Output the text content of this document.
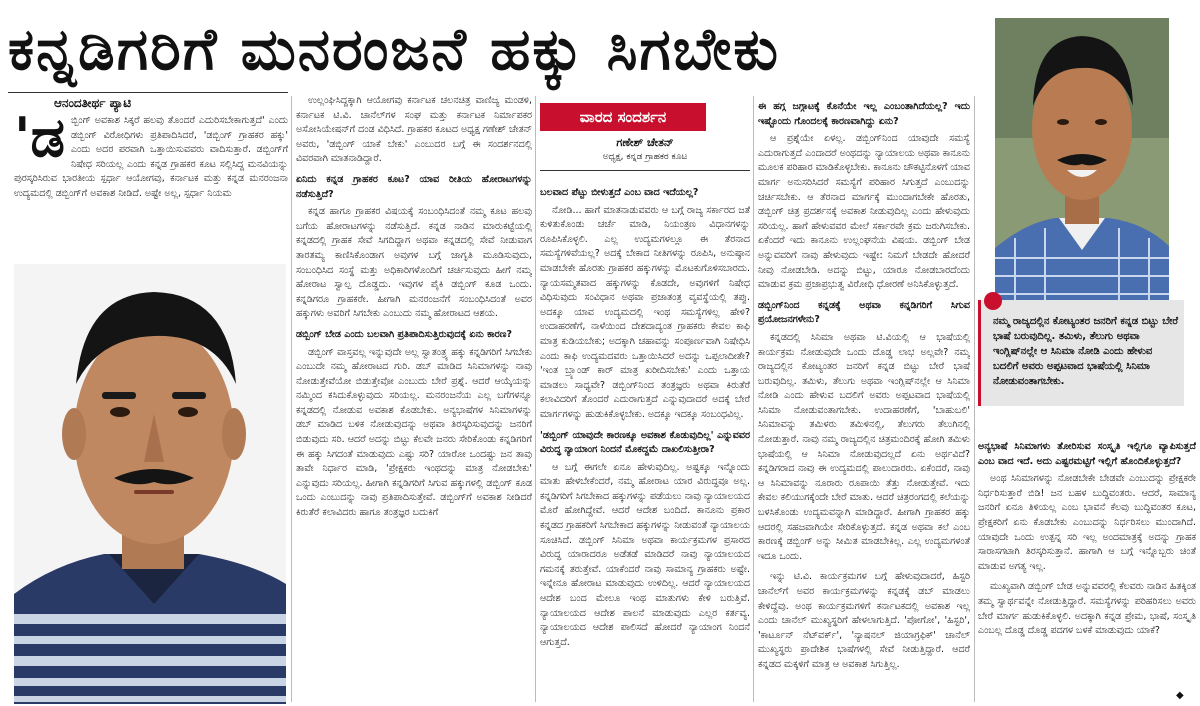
ಕನ್ನಡಿಗರಿಗೆ ಮನರಂಜನೆ ಹಕ್ಕು ಸಿಗಬೇಕು
ಆನಂದತೀರ್ಥ ಪ್ಯಾಟಿ
'ಡ ಬ್ಬಿಂಗ್ ಅವಕಾಶ ಸಿಕ್ಕರೆ ಹಲವು ತೊಂದರೆ ಎದುರಿಸಬೇಕಾಗುತ್ತದೆ' ಎಂದು ಡಬ್ಬಿಂಗ್ ವಿರೋಧಿಗಳು ಪ್ರತಿಪಾದಿಸಿದರೆ, 'ಡಬ್ಬಿಂಗ್ ಗ್ರಾಹಕರ ಹಕ್ಕು' ಎಂದು ಅದರ ಪರವಾಗಿ ಒತ್ತಾಯಿಸುವವರು ವಾದಿಸುತ್ತಾರೆ. ಡಬ್ಬಿಂಗ್‌ಗೆ ನಿಷೇಧ ಸರಿಯಲ್ಲ ಎಂದು ಕನ್ನಡ ಗ್ರಾಹಕರ ಕೂಟ ಸಲ್ಲಿಸಿದ್ದ ಮನವಿಯನ್ನು ಪುರಸ್ಕರಿಸಿರುವ ಭಾರತೀಯ ಸ್ಪರ್ಧಾ ಆಯೋಗವು, ಕರ್ನಾಟಕ ಮತ್ತು ಕನ್ನಡ ಮನರಂಜನಾ ಉದ್ಯಮದಲ್ಲಿ ಡಬ್ಬಿಂಗ್‌ಗೆ ಅವಕಾಶ ನೀಡಿದೆ. ಅಷ್ಟೇ ಅಲ್ಲ, ಸ್ಪರ್ಧಾ ನಿಯಮ

ಉಲ್ಲಂಘಿಸಿದ್ದಕ್ಕಾಗಿ ಆಯೋಗವು ಕರ್ನಾಟಕ ಚಲನಚಿತ್ರ ವಾಣಿಜ್ಯ ಮಂಡಳಿ, ಕರ್ನಾಟಕ ಟಿ.ವಿ. ಚಾನೆಲ್‌ಗಳ ಸಂಘ ಮತ್ತು ಕರ್ನಾಟಕ ನಿರ್ಮಾಪಕರ ಅಸೋಸಿಯೇಷನ್‌ಗೆ ದಂಡ ವಿಧಿಸಿದೆ. ಗ್ರಾಹಕರ ಕೂಟದ ಅಧ್ಯಕ್ಷ ಗಣೇಶ್ ಚೇತನ್ ಅವರು, 'ಡಬ್ಬಿಂಗ್ ಯಾಕೆ ಬೇಕು' ಎಂಬುದರ ಬಗ್ಗೆ ಈ ಸಂದರ್ಶನದಲ್ಲಿ ವಿವರವಾಗಿ ಮಾತನಾಡಿದ್ದಾರೆ.

ಏನಿದು ಕನ್ನಡ ಗ್ರಾಹಕರ ಕೂಟ? ಯಾವ ರೀತಿಯ ಹೋರಾಟಗಳನ್ನು ನಡೆಸುತ್ತಿದೆ?

ಕನ್ನಡ ಹಾಗೂ ಗ್ರಾಹಕರ ವಿಷಯಕ್ಕೆ ಸಂಬಂಧಿಸಿದಂತೆ ನಮ್ಮ ಕೂಟ ಹಲವು ಬಗೆಯ ಹೋರಾಟಗಳನ್ನು ನಡೆಸುತ್ತಿದೆ. ಕನ್ನಡ ನಾಡಿನ ಮಾರುಕಟ್ಟೆಯಲ್ಲಿ ಕನ್ನಡದಲ್ಲಿ ಗ್ರಾಹಕ ಸೇವೆ ಸಿಗದಿದ್ದಾಗ ಅಥವಾ ಕನ್ನಡದಲ್ಲಿ ಸೇವೆ ನೀಡುವಾಗ ತಾರತಮ್ಯ ಕಾಣಿಸಿಕೊಂಡಾಗ ಅವುಗಳ ಬಗ್ಗೆ ಜಾಗೃತಿ ಮೂಡಿಸುವುದು, ಸಂಬಂಧಿಸಿದ ಸಂಸ್ಥೆ ಮತ್ತು ಅಧಿಕಾರಿಗಳೊಂದಿಗೆ ಚರ್ಚಿಸುವುದು ಹೀಗೆ ನಮ್ಮ ಹೋರಾಟ ಸ್ವಾಲ್ಪ ದೊಡ್ಡದು. ಇವುಗಳ ಪೈಕಿ ಡಬ್ಬಿಂಗ್ ಕೂಡ ಒಂದು. ಕನ್ನಡಿಗರೂ ಗ್ರಾಹಕರೇ. ಹೀಗಾಗಿ ಮನರಂಜನೆಗೆ ಸಂಬಂಧಿಸಿದಂತೆ ಅವರ ಹಕ್ಕುಗಳು ಅವರಿಗೆ ಸಿಗಬೇಕು ಎಂಬುದು ನಮ್ಮ ಹೋರಾಟದ ಆಶಯ.

ಡಬ್ಬಿಂಗ್ ಬೇಡ ಎಂದು ಬಲವಾಗಿ ಪ್ರತಿಪಾದಿಸುತ್ತಿರುವುದಕ್ಕೆ ಏನು ಕಾರಣ?

ಡಬ್ಬಿಂಗ್ ವಾಸ್ತವಲ್ಲ ಇನ್ನುವುದೇ ಅಲ್ಲ ಸ್ವಾತಂತ್ರ್ಯ ಹಕ್ಕು ಕನ್ನಡಿಗರಿಗೆ ಸಿಗಬೇಕು ಎಂಬುದೇ ನಮ್ಮ ಹೋರಾಟದ ಗುರಿ. ಡಬ್ ಮಾಡಿದ ಸಿನಿಮಾಗಳನ್ನು ನಾವು ನೋಡುತ್ತೇವೆಯೋ ಬಿಡುತ್ತೇವೋ ಎಂಬುದು ಬೇರೆ ಪ್ರಶ್ನೆ. ಆದರೆ ಆಯ್ಕೆಯನ್ನು ನಮ್ಮಿಂದ ಕಸಿದುಕೊಳ್ಳುವುದು ಸರಿಯಲ್ಲ. ಮನರಂಜನೆಯ ಎಲ್ಲ ಬಗೆಗಳನ್ನೂ ಕನ್ನಡದಲ್ಲಿ ನೋಡುವ ಅವಕಾಶ ಕೊಡಬೇಕು. ಅನ್ಯಭಾಷೆಗಳ ಸಿನಿಮಾಗಳನ್ನು ಡಬ್ ಮಾಡಿದ ಬಳಿಕ ನೋಡುವುದನ್ನು ಅಥವಾ ತಿರಸ್ಕರಿಸುವುದನ್ನು ಜನರಿಗೆ ಬಿಡುವುದು ಸರಿ. ಆದರೆ ಅದನ್ನು ಬಿಟ್ಟು ಕೆಲವೇ ಜನರು ಸೇರಿಕೊಂಡು ಕನ್ನಡಿಗರಿಗೆ ಈ ಹಕ್ಕು ಸಿಗದಂತೆ ಮಾಡುವುದು ಎಷ್ಟು ಸರಿ? ಯಾರೋ ಒಂದಷ್ಟು ಜನ ತಾವು ತಾವೇ ನಿರ್ಧಾರ ಮಾಡಿ, 'ಪ್ರೇಕ್ಷಕರು ಇಂಥದನ್ನು ಮಾತ್ರ ನೋಡಬೇಕು' ಎನ್ನುವುದು ಸರಿಯಲ್ಲ. ಹೀಗಾಗಿ ಕನ್ನಡಿಗರಿಗೆ ಸಿಗುವ ಹಕ್ಕುಗಳಲ್ಲಿ ಡಬ್ಬಿಂಗ್ ಕೂಡ ಒಂದು ಎಂಬುದನ್ನು ನಾವು ಪ್ರತಿಪಾದಿಸುತ್ತೇವೆ. ಡಬ್ಬಿಂಗ್‌ಗೆ ಅವಕಾಶ ನೀಡಿದರೆ ಕಿರುತೆರೆ ಕಲಾವಿದರು ಹಾಗೂ ತಂತ್ರಜ್ಞರ ಬದುಕಿಗೆ

ವಾರದ ಸಂದರ್ಶನ
ಗಣೇಶ್ ಚೇತನ್
ಅಧ್ಯಕ್ಷ, ಕನ್ನಡ ಗ್ರಾಹಕರ ಕೂಟ

ಬಲವಾದ ಪೆಟ್ಟು ಬೀಳುತ್ತದೆ ಎಂಬ ವಾದ ಇದೆಯಲ್ಲ?

ನೋಡಿ... ಹಾಗೆ ಮಾತನಾಡುವವರು ಆ ಬಗ್ಗೆ ರಾಜ್ಯ ಸರ್ಕಾರದ ಜತೆ ಕುಳಿತುಕೊಂಡು ಚರ್ಚೆ ಮಾಡಿ, ನಿಯಂತ್ರಣ ವಿಧಾನಗಳನ್ನು ರೂಪಿಸಿಕೊಳ್ಳಲಿ. ಎಲ್ಲ ಉದ್ಯಮಗಳಲ್ಲೂ ಈ ತೆರನಾದ ಸಮಸ್ಯೆಗಳಿವೆಯಲ್ಲ? ಅದಕ್ಕೆ ಬೇಕಾದ ನೀತಿಗಳನ್ನು ರೂಪಿಸಿ, ಅನುಷ್ಠಾನ ಮಾಡಬೇಕೇ ಹೊರತು ಗ್ರಾಹಕರ ಹಕ್ಕುಗಳನ್ನು ಮೊಟಕುಗೊಳಿಸಬಾರದು. ನ್ಯಾಯಸಮ್ಮತವಾದ ಹಕ್ಕುಗಳನ್ನು ಕೊಡದೇ, ಅವುಗಳಿಗೆ ನಿಷೇಧ ವಿಧಿಸುವುದು ಸಂವಿಧಾನ ಅಥವಾ ಪ್ರಜಾತಂತ್ರ ವ್ಯವಸ್ಥೆಯಲ್ಲಿ ತಪ್ಪು. ಅದಕ್ಕೂ ಯಾವ ಉದ್ಯಮದಲ್ಲಿ ಇಂಥ ಸಮಸ್ಯೆಗಳಿಲ್ಲ ಹೇಳಿ? ಉದಾಹರಣೆಗೆ, ನಾಳೆಯಿಂದ ದೇಶದಾದ್ಯಂತ ಗ್ರಾಹಕರು ಕೇವಲ ಕಾಫಿ ಮಾತ್ರ ಕುಡಿಯಬೇಕು; ಅದಕ್ಕಾಗಿ ಚಹಾವನ್ನು ಸಂಪೂರ್ಣವಾಗಿ ನಿಷೇಧಿಸಿ ಎಂದು ಕಾಫಿ ಉದ್ಯಮದವರು ಒತ್ತಾಯಿಸಿದರೆ ಅದನ್ನು ಒಪ್ಪಲಾದೀತೇ? 'ಇಂತ ಬ್ರ್ಯಾಂಡ್ ಕಾರ್ ಮಾತ್ರ ಖರೀದಿಸಬೇಕು' ಎಂದು ಒತ್ತಾಯ ಮಾಡಲು ಸಾಧ್ಯವೇ? ಡಬ್ಬಿಂಗ್‌ನಿಂದ ತಂತ್ರಜ್ಞರು ಅಥವಾ ಕಿರುತೆರೆ ಕಲಾವಿದರಿಗೆ ತೊಂದರೆ ಎದುರಾಗುತ್ತದೆ ಎನ್ನುವುದಾದರೆ ಅದಕ್ಕೆ ಬೇರೆ ಮಾರ್ಗಗಳನ್ನು ಹುಡುಕಿಕೊಳ್ಳಬೇಕು. ಅದಕ್ಕೂ ಇದಕ್ಕೂ ಸಂಬಂಧವಿಲ್ಲ.

'ಡಬ್ಬಿಂಗ್ ಯಾವುದೇ ಕಾರಣಕ್ಕೂ ಅವಕಾಶ ಕೊಡುವುದಿಲ್ಲ' ಎನ್ನುವವರ ವಿರುದ್ಧ ನ್ಯಾಯಾಂಗ ನಿಂದನೆ ಮೊಕದ್ದಮೆ ದಾಖಲಿಸುತ್ತೀರಾ?

ಆ ಬಗ್ಗೆ ಈಗಲೇ ಏನೂ ಹೇಳುವುದಿಲ್ಲ. ಅಷ್ಟಕ್ಕೂ ಇನ್ನೊಂದು ಮಾತು ಹೇಳಬೇಕೆಂದರೆ, ನಮ್ಮ ಹೋರಾಟ ಯಾರ ವಿರುದ್ಧವೂ ಅಲ್ಲ. ಕನ್ನಡಿಗರಿಗೆ ಸಿಗಬೇಕಾದ ಹಕ್ಕುಗಳನ್ನು ಪಡೆಯಲು ನಾವು ನ್ಯಾಯಾಲಯದ ಮೊರೆ ಹೋಗಿದ್ದೇವೆ. ಆದರೆ ಆದೇಶ ಬಂದಿದೆ. ಕಾನೂನು ಪ್ರಕಾರ ಕನ್ನಡದ ಗ್ರಾಹಕರಿಗೆ ಸಿಗಬೇಕಾದ ಹಕ್ಕುಗಳನ್ನು ನೀಡುವಂತೆ ನ್ಯಾಯಾಲಯ ಸೂಚಿಸಿದೆ. ಡಬ್ಬಿಂಗ್ ಸಿನಿಮಾ ಅಥವಾ ಕಾರ್ಯಕ್ರಮಗಳ ಪ್ರಸಾರದ ವಿರುದ್ಧ ಯಾರಾದರೂ ಅಡೆತಡೆ ಮಾಡಿದರೆ ನಾವು ನ್ಯಾಯಾಲಯದ ಗಮನಕ್ಕೆ ತರುತ್ತೇವೆ. ಯಾಕೆಂದರೆ ನಾವು ಸಾಮಾನ್ಯ ಗ್ರಾಹಕರು ಅಷ್ಟೇ. ಇನ್ನೇನೂ ಹೋರಾಟ ಮಾಡುವುದು ಉಳಿದಿಲ್ಲ. ಆದರೆ ನ್ಯಾಯಾಲಯದ ಆದೇಶ ಬಂದ ಮೇಲೂ ಇಂಥ ಮಾತುಗಳು ಕೇಳಿ ಬರುತ್ತಿವೆ. ನ್ಯಾಯಾಲಯದ ಆದೇಶ ಪಾಲನೆ ಮಾಡುವುದು ಎಲ್ಲರ ಕರ್ತವ್ಯ. ನ್ಯಾಯಾಲಯದ ಆದೇಶ ಪಾಲಿಸದೆ ಹೋದರೆ ನ್ಯಾಯಾಂಗ ನಿಂದನೆ ಆಗುತ್ತದೆ.

ಈ ಹಗ್ಗ ಜಗ್ಗಾಟಕ್ಕೆ ಕೊನೆಯೇ ಇಲ್ಲ ಎಂಬಂತಾಗಿದೆಯಲ್ಲ? ಇದು ಇಷ್ಟೊಂದು ಗೊಂದಲಕ್ಕೆ ಕಾರಣವಾಗಿದ್ದು ಏನು?

ಆ ಪ್ರಶ್ನೆಯೇ ಏಳಲ್ಲ. ಡಬ್ಬಿಂಗ್‌ನಿಂದ ಯಾವುದೇ ಸಮಸ್ಯೆ ಎದುರಾಗುತ್ತದೆ ಎಂದಾದರೆ ಅಂಥದನ್ನು ನ್ಯಾಯಾಲಯ ಅಥವಾ ಕಾನೂನು ಮೂಲಕ ಪರಿಹಾರ ಮಾಡಿಕೊಳ್ಳಬೇಕು. ಕಾನೂನು ಚೌಕಟ್ಟಿನೊಳಗೆ ಯಾವ ಮಾರ್ಗ ಅನುಸರಿಸಿದರೆ ಸಮಸ್ಯೆಗೆ ಪರಿಹಾರ ಸಿಗುತ್ತದೆ ಎಂಬುದನ್ನು ಚರ್ಚಿಸಬೇಕು. ಆ ತೆರನಾದ ಮಾರ್ಗಕ್ಕೆ ಮುಂದಾಗಬೇಕೇ ಹೊರತು, ಡಬ್ಬಿಂಗ್ ಚಿತ್ರ ಪ್ರದರ್ಶನಕ್ಕೆ ಅವಕಾಶ ನೀಡುವುದಿಲ್ಲ ಎಂದು ಹೇಳುವುದು ಸರಿಯಲ್ಲ. ಹಾಗೆ ಹೇಳುವವರ ಮೇಲೆ ಸರ್ಕಾರವೇ ಕ್ರಮ ಜರುಗಿಸಬೇಕು. ಏಕೆಂದರೆ ಇದು ಕಾನೂನು ಉಲ್ಲಂಘನೆಯ ವಿಷಯ. ಡಬ್ಬಿಂಗ್ ಬೇಡ ಅನ್ನುವವರಿಗೆ ನಾವು ಹೇಳುವುದು ಇಷ್ಟೇ: ನಿಮಗೆ ಬೇಡದೇ ಹೋದರೆ ನೀವು ನೋಡಬೇಡಿ. ಅದನ್ನು ಬಿಟ್ಟು, ಯಾರೂ ನೋಡಬಾರದೆಂದು ಮಾಡುವ ಕ್ರಮ ಪ್ರಜಾಪ್ರಭುತ್ವ ವಿರೋಧಿ ಧೋರಣೆ ಅನಿಸಿಕೊಳ್ಳುತ್ತದೆ.

ಡಬ್ಬಿಂಗ್‌ನಿಂದ ಕನ್ನಡಕ್ಕೆ ಅಥವಾ ಕನ್ನಡಿಗರಿಗೆ ಸಿಗುವ ಪ್ರಯೋಜನಗಳೇನು?

ಕನ್ನಡದಲ್ಲಿ ಸಿನಿಮಾ ಅಥವಾ ಟಿ.ವಿಯಲ್ಲಿ ಆ ಭಾಷೆಯಲ್ಲಿ ಕಾರ್ಯಕ್ರಮ ನೋಡುವುದೇ ಒಂದು ದೊಡ್ಡ ಲಾಭ ಅಲ್ಲವೇ? ನಮ್ಮ ರಾಜ್ಯದಲ್ಲಿನ ಕೋಟ್ಯಂತರ ಜನರಿಗೆ ಕನ್ನಡ ಬಿಟ್ಟು ಬೇರೆ ಭಾಷೆ ಬರುವುದಿಲ್ಲ. ತಮಿಳು, ತೆಲುಗು ಅಥವಾ ಇಂಗ್ಲಿಷ್‌ನಲ್ಲೇ ಆ ಸಿನಿಮಾ ನೋಡಿ ಎಂದು ಹೇಳುವ ಬದಲಿಗೆ ಅವರು ಅಪ್ಪಟವಾದ ಭಾಷೆಯಲ್ಲಿ ಸಿನಿಮಾ ನೋಡುವಂತಾಗಬೇಕು. ಉದಾಹರಣೆಗೆ, 'ಬಾಹುಬಲಿ' ಸಿನಿಮಾವನ್ನು ತಮಿಳರು ತಮಿಳಿನಲ್ಲಿ, ತೆಲುಗರು ತೆಲುಗಿನಲ್ಲಿ ನೋಡುತ್ತಾರೆ. ನಾವು ನಮ್ಮ ರಾಜ್ಯದಲ್ಲಿನ ಚಿತ್ರಮಂದಿರಕ್ಕೆ ಹೋಗಿ ತಮಿಳು ಭಾಷೆಯಲ್ಲಿ ಆ ಸಿನಿಮಾ ನೋಡುವುದಲ್ಲದೆ ಏನು ಅರ್ಥವಿದೆ? ಕನ್ನಡಿಗರಾದ ನಾವು ಈ ಉದ್ಯಮದಲ್ಲಿ ಪಾಲುದಾರರು. ಏಕೆಂದರೆ, ನಾವು ಆ ಸಿನಿಮಾವನ್ನು ನೂರಾರು ರೂಪಾಯಿ ತೆತ್ತು ನೋಡುತ್ತೇವೆ. ಇದು ಕೇವಲ ಕಲಿಯುಗಕ್ಕೆಂದೇ ಬೇರೆ ಮಾತು. ಆದರೆ ಚಿತ್ರರಂಗದಲ್ಲಿ ಕಲೆಯನ್ನು ಬಳಸಿಕೊಂಡು ಉದ್ಯಮವನ್ನಾಗಿ ಮಾಡಿದ್ದಾರೆ. ಹೀಗಾಗಿ ಗ್ರಾಹಕರ ಹಕ್ಕು ಆದರಲ್ಲಿ ಸಹಜವಾಗಿಯೇ ಸೇರಿಕೊಳ್ಳುತ್ತದೆ. ಕನ್ನಡ ಅಥವಾ ಕಲೆ ಎಂಬ ಕಾರಣಕ್ಕೆ ಡಬ್ಬಿಂಗ್ ಅನ್ನು ಸೀಮಿತ ಮಾಡಬೇಕಿಲ್ಲ. ಎಲ್ಲ ಉದ್ಯಮಗಳಂತೆ ಇದೂ ಒಂದು.

ಇನ್ನು ಟಿ.ವಿ. ಕಾರ್ಯಕ್ರಮಗಳ ಬಗ್ಗೆ ಹೇಳುವುದಾದರೆ, ಹಿಸ್ಟರಿ ಚಾನೆಲ್‌ಗೆ ಅವರ ಕಾರ್ಯಕ್ರಮಗಳನ್ನು ಕನ್ನಡಕ್ಕೆ ಡಬ್ ಮಾಡಲು ಕೇಳಿದ್ದೆವು. ಅಂಥ ಕಾರ್ಯಕ್ರಮಗಳಿಗೆ ಕರ್ನಾಟಕದಲ್ಲಿ ಅವಕಾಶ ಇಲ್ಲ ಎಂದು ಚಾನೆಲ್ ಮುಖ್ಯಸ್ಥರಿಗೆ ಹೇಳಲಾಗುತ್ತಿದೆ. 'ಪೋಗೋ', 'ಹಿಸ್ಟರಿ', 'ಕಾರ್ಟೂನ್ ನೆಟ್‌ವರ್ಕ್', 'ನ್ಯಾಷನಲ್ ಜಿಯಾಗ್ರಫಿಕ್' ಚಾನೆಲ್ ಮುಖ್ಯಸ್ಥರು ಪ್ರಾದೇಶಿಕ ಭಾಷೆಗಳಲ್ಲಿ ಸೇವೆ ನೀಡುತ್ತಿದ್ದಾರೆ. ಆದರೆ ಕನ್ನಡದ ಮಕ್ಕಳಿಗೆ ಮಾತ್ರ ಆ ಅವಕಾಶ ಸಿಗುತ್ತಿಲ್ಲ.

ನಮ್ಮ ರಾಜ್ಯದಲ್ಲಿನ ಕೋಟ್ಯಂತರ ಜನರಿಗೆ ಕನ್ನಡ ಬಿಟ್ಟು ಬೇರೆ ಭಾಷೆ ಬರುವುದಿಲ್ಲ. ತಮಿಳು, ತೆಲುಗು ಅಥವಾ ಇಂಗ್ಲಿಷ್‌ನಲ್ಲೇ ಆ ಸಿನಿಮಾ ನೋಡಿ ಎಂದು ಹೇಳುವ ಬದಲಿಗೆ ಅವರು ಅಪ್ಪಟವಾದ ಭಾಷೆಯಲ್ಲಿ ಸಿನಿಮಾ ನೋಡುವಂತಾಗಬೇಕು.

ಅನ್ಯಭಾಷೆ ಸಿನಿಮಾಗಳು ತೋರಿಸುವ ಸಂಸ್ಕೃತಿ ಇಲ್ಲಿಗೂ ವ್ಯಾಪಿಸುತ್ತದೆ ಎಂಬ ವಾದ ಇದೆ. ಅದು ಎಷ್ಟರಮಟ್ಟಿಗೆ ಇಲ್ಲಿಗೆ ಹೊಂದಿಕೊಳ್ಳುತ್ತದೆ?

ಅಂಥ ಸಿನಿಮಾಗಳನ್ನು ನೋಡಬೇಕೇ ಬೇಡವೇ ಎಂಬುದನ್ನು ಪ್ರೇಕ್ಷಕರೇ ನಿರ್ಧರಿಸುತ್ತಾರೆ ಬಿಡಿ! ಜನ ಬಹಳ ಬುದ್ಧಿವಂತರು. ಆದರೆ, ಸಾಮಾನ್ಯ ಜನರಿಗೆ ಏನೂ ತಿಳಿಯಲ್ಲ ಎಂಬ ಭಾವನೆ ಕೆಲವು ಬುದ್ಧಿವಂತರ ಕೂಟ, ಪ್ರೇಕ್ಷಕರಿಗೆ ಏನು ಕೊಡಬೇಕು ಎಂಬುದನ್ನು ನಿರ್ಧರಿಸಲು ಮುಂದಾಗಿದೆ. ಯಾವುದೇ ಒಂದು ಉತ್ಪನ್ನ ಸರಿ ಇಲ್ಲ ಅಂದಮಾತ್ರಕ್ಕೆ ಅದನ್ನು ಗ್ರಾಹಕ ಸಾರಾಸಗಟಾಗಿ ತಿರಸ್ಕರಿಸುತ್ತಾನೆ. ಹಾಗಾಗಿ ಆ ಬಗ್ಗೆ ಇನ್ನೊಬ್ಬರು ಚಿಂತೆ ಮಾಡುವ ಅಗತ್ಯ ಇಲ್ಲ.

ಮುಖ್ಯವಾಗಿ ಡಬ್ಬಿಂಗ್ ಬೇಡ ಅನ್ನುವವರಲ್ಲಿ ಕೆಲವರು ನಾಡಿನ ಹಿತಕ್ಕಿಂತ ತಮ್ಮ ಸ್ವಾರ್ಥವನ್ನೇ ನೋಡುತ್ತಿದ್ದಾರೆ. ಸಮಸ್ಯೆಗಳನ್ನು ಪರಿಹರಿಸಲು ಅವರು ಬೇರೆ ಮಾರ್ಗ ಹುಡುಕಿಕೊಳ್ಳಲಿ. ಅದಕ್ಕಾಗಿ ಕನ್ನಡ ಪ್ರೇಮ, ಭಾಷೆ, ಸಂಸ್ಕೃತಿ ಎಂಬಲ್ಲ ದೊಡ್ಡ ದೊಡ್ಡ ಪದಗಳ ಬಳಕೆ ಮಾಡುವುದು ಯಾಕೆ?

◆
